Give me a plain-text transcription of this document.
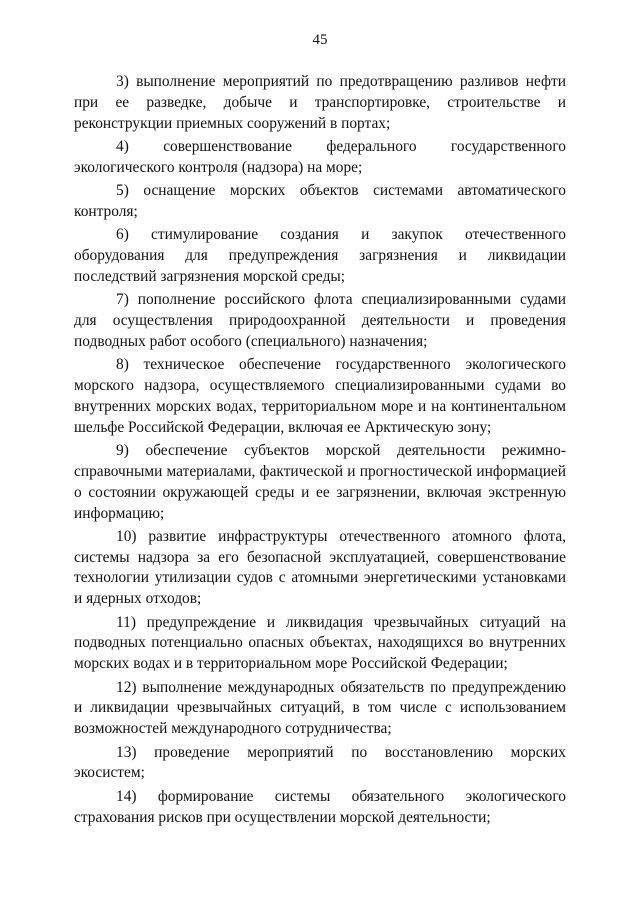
45

3) выполнение мероприятий по предотвращению разливов нефти при ее разведке, добыче и транспортировке, строительстве и реконструкции приемных сооружений в портах;

4) совершенствование федерального государственного экологического контроля (надзора) на море;

5) оснащение морских объектов системами автоматического контроля;

6) стимулирование создания и закупок отечественного оборудования для предупреждения загрязнения и ликвидации последствий загрязнения морской среды;

7) пополнение российского флота специализированными судами для осуществления природоохранной деятельности и проведения подводных работ особого (специального) назначения;

8) техническое обеспечение государственного экологического морского надзора, осуществляемого специализированными судами во внутренних морских водах, территориальном море и на континентальном шельфе Российской Федерации, включая ее Арктическую зону;

9) обеспечение субъектов морской деятельности режимно-справочными материалами, фактической и прогностической информацией о состоянии окружающей среды и ее загрязнении, включая экстренную информацию;

10) развитие инфраструктуры отечественного атомного флота, системы надзора за его безопасной эксплуатацией, совершенствование технологии утилизации судов с атомными энергетическими установками и ядерных отходов;

11) предупреждение и ликвидация чрезвычайных ситуаций на подводных потенциально опасных объектах, находящихся во внутренних морских водах и в территориальном море Российской Федерации;

12) выполнение международных обязательств по предупреждению и ликвидации чрезвычайных ситуаций, в том числе с использованием возможностей международного сотрудничества;

13) проведение мероприятий по восстановлению морских экосистем;

14) формирование системы обязательного экологического страхования рисков при осуществлении морской деятельности;
